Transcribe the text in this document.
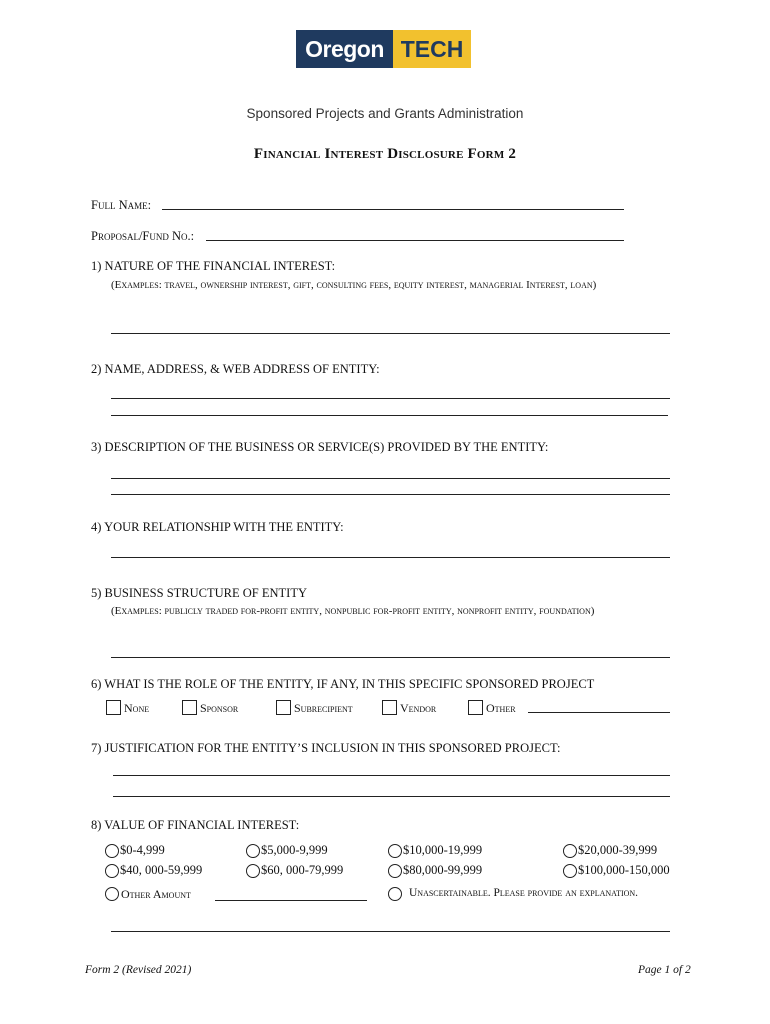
Oregon TECH
Sponsored Projects and Grants Administration
Financial Interest Disclosure Form 2
Full Name:
Proposal/Fund No.:
1) NATURE OF THE FINANCIAL INTEREST:
(Examples: travel, ownership interest, gift, consulting fees, equity interest, managerial Interest, loan)
2) NAME, ADDRESS, & WEB ADDRESS OF ENTITY:
3) DESCRIPTION OF THE BUSINESS OR SERVICE(S) PROVIDED BY THE ENTITY:
4) YOUR RELATIONSHIP WITH THE ENTITY:
5) BUSINESS STRUCTURE OF ENTITY
(Examples: publicly traded for-profit entity, nonpublic for-profit entity, nonprofit entity, foundation)
6) WHAT IS THE ROLE OF THE ENTITY, IF ANY, IN THIS SPECIFIC SPONSORED PROJECT
None	Sponsor	Subrecipient	Vendor	Other
7) JUSTIFICATION FOR THE ENTITY’S INCLUSION IN THIS SPONSORED PROJECT:
8) VALUE OF FINANCIAL INTEREST:
$0-4,999	$5,000-9,999	$10,000-19,999	$20,000-39,999
$40, 000-59,999	$60, 000-79,999	$80,000-99,999	$100,000-150,000
Other Amount	Unascertainable. Please provide an explanation.
Form 2 (Revised 2021)	Page 1 of 2
